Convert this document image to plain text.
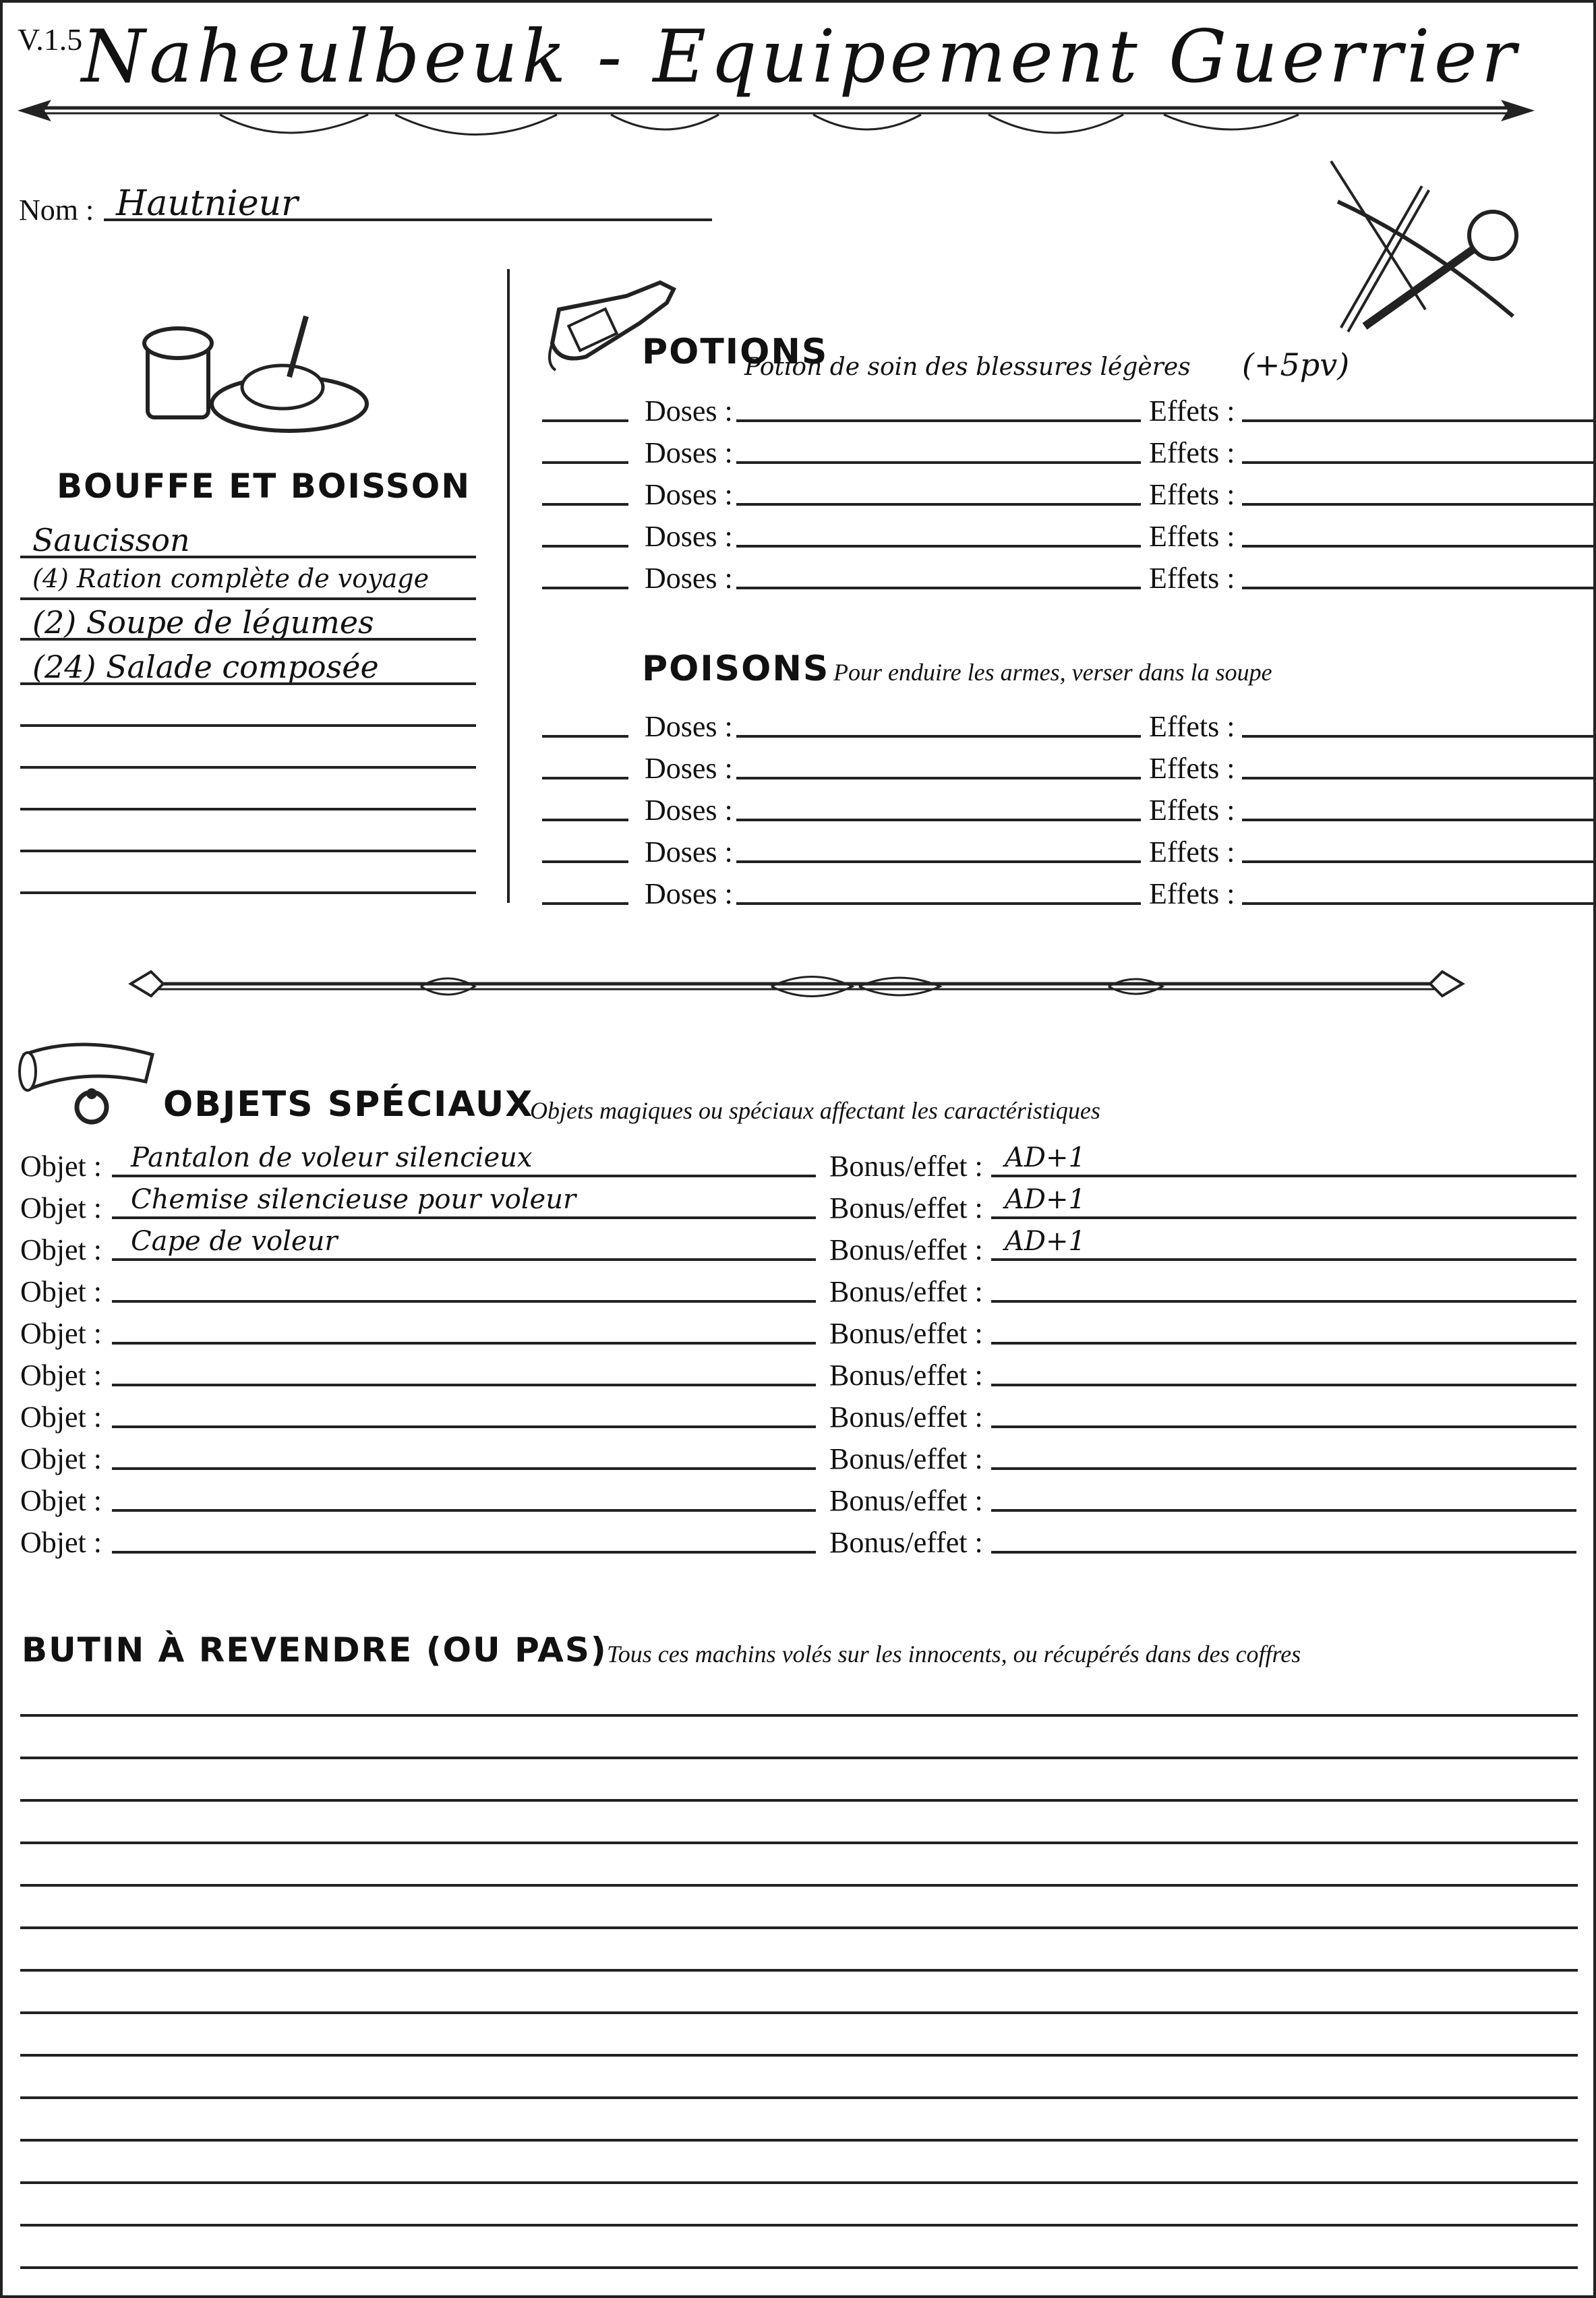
V.1.5
Naheulbeuk - Equipement Guerrier
Nom : Hautnieur
BOUFFE ET BOISSON
Saucisson
(4) Ration complète de voyage
(2) Soupe de légumes
(24) Salade composée
POTIONS
Potion de soin des blessures légères (+5pv)
Doses :	Effets :
Doses :	Effets :
Doses :	Effets :
Doses :	Effets :
Doses :	Effets :
POISONS Pour enduire les armes, verser dans la soupe
Doses :	Effets :
Doses :	Effets :
Doses :	Effets :
Doses :	Effets :
Doses :	Effets :
OBJETS SPÉCIAUX
Objets magiques ou spéciaux affectant les caractéristiques
Objet : Pantalon de voleur silencieux	Bonus/effet : AD+1
Objet : Chemise silencieuse pour voleur	Bonus/effet : AD+1
Objet : Cape de voleur	Bonus/effet : AD+1
Objet :	Bonus/effet :
Objet :	Bonus/effet :
Objet :	Bonus/effet :
Objet :	Bonus/effet :
Objet :	Bonus/effet :
Objet :	Bonus/effet :
Objet :	Bonus/effet :
BUTIN À REVENDRE (OU PAS) Tous ces machins volés sur les innocents, ou récupérés dans des coffres
